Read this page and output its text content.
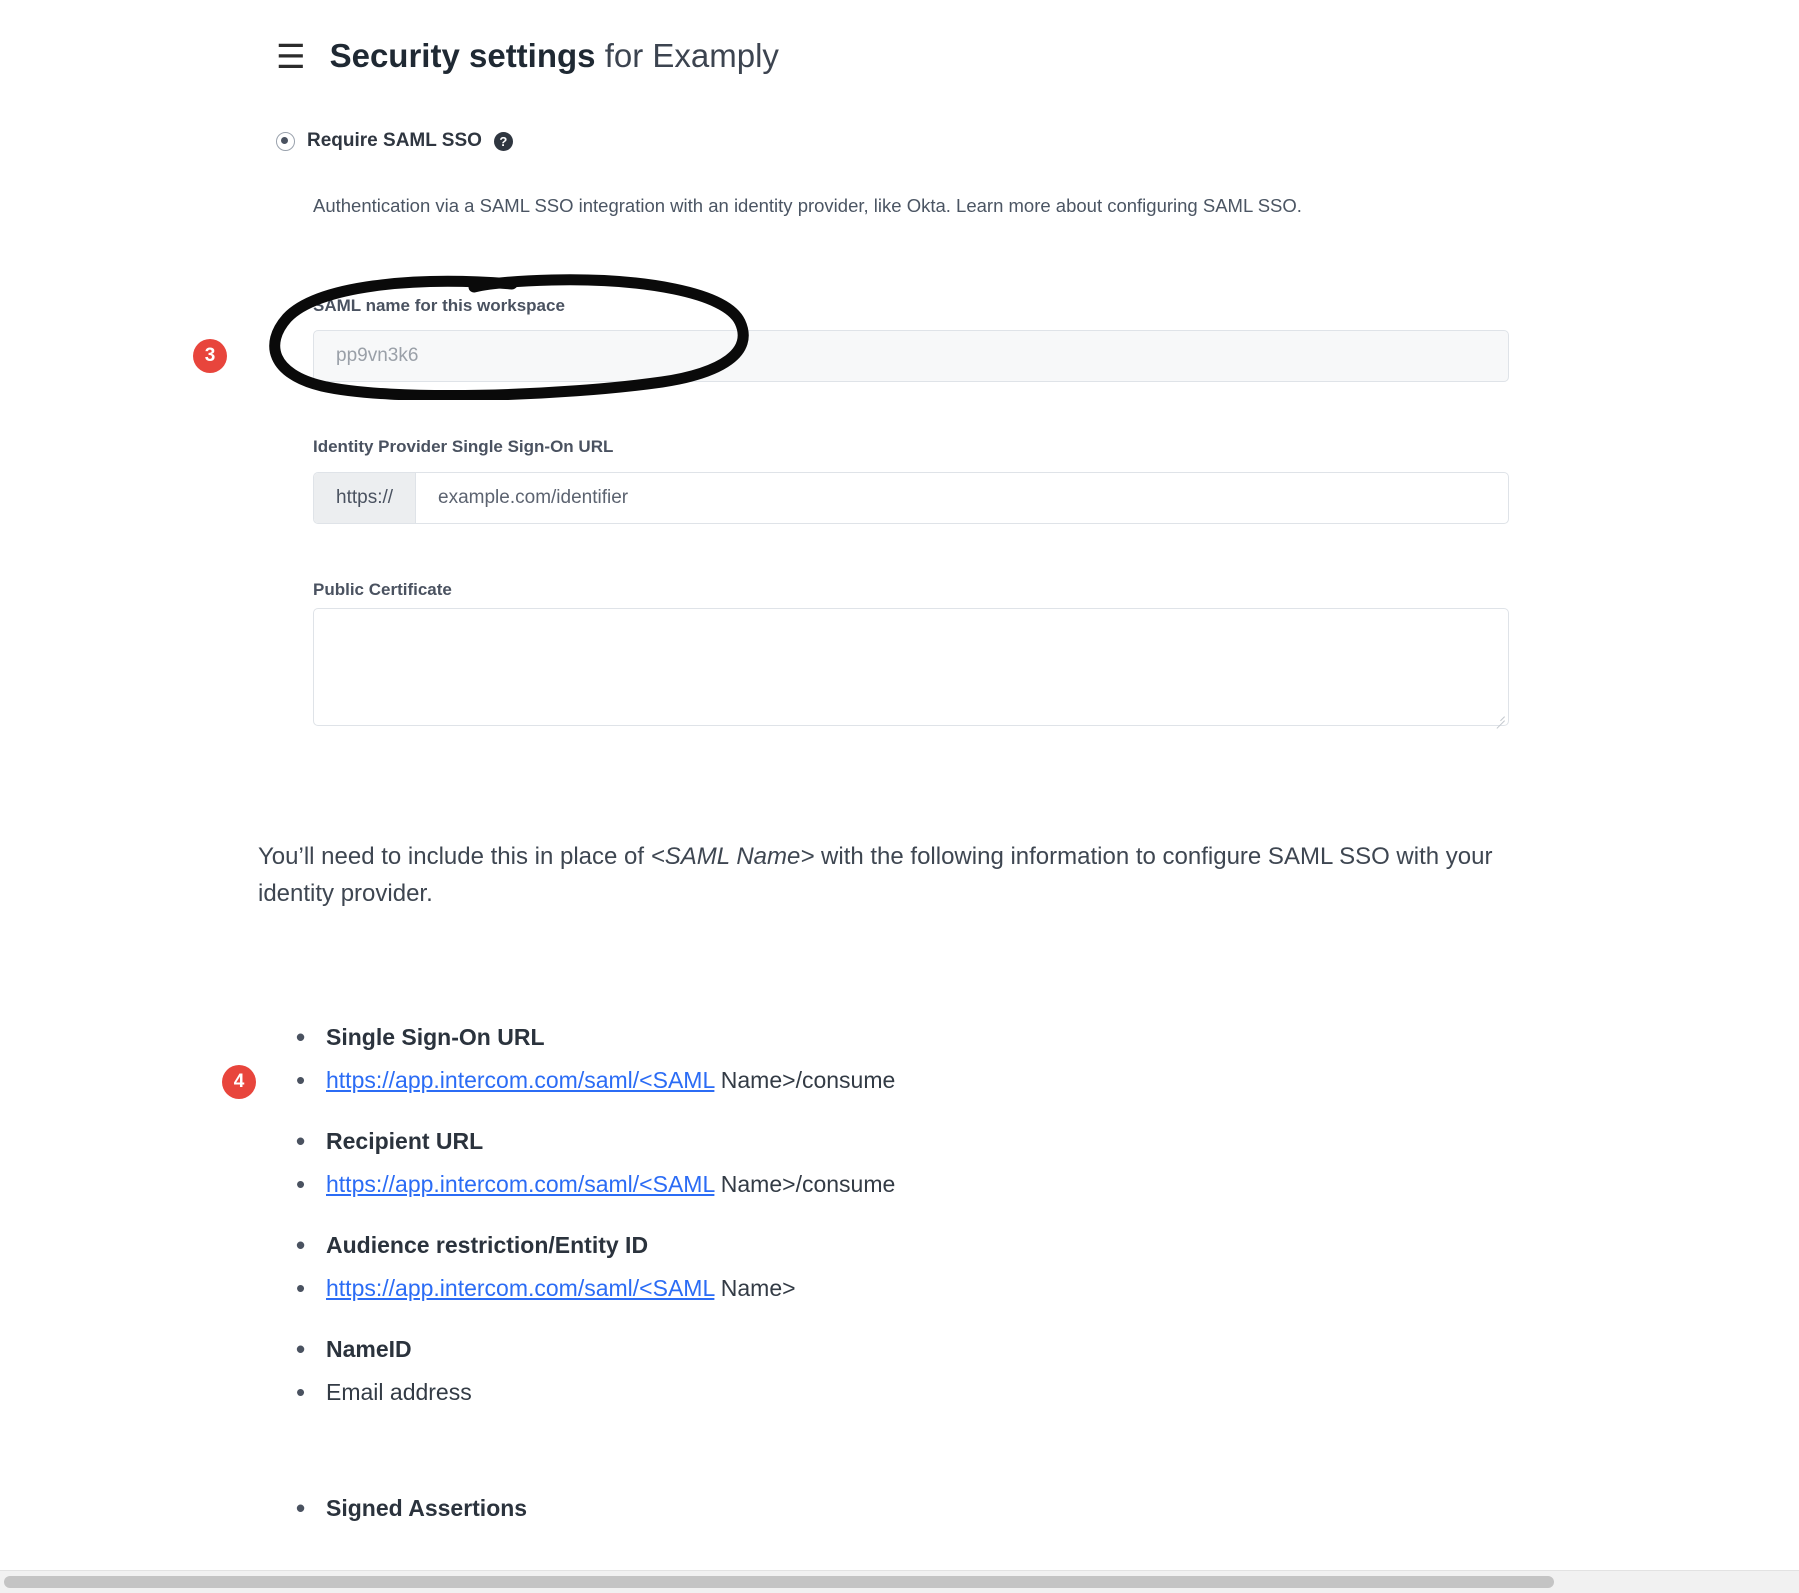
☰ Security settings for Examply
Require SAML SSO	?
Authentication via a SAML SSO integration with an identity provider, like Okta. Learn more about configuring SAML SSO.
SAML name for this workspace
pp9vn3k6
Identity Provider Single Sign-On URL
https://	example.com/identifier
Public Certificate
You’ll need to include this in place of <SAML Name> with the following information to configure SAML SSO with your identity provider.
• Single Sign-On URL
• https://app.intercom.com/saml/<SAML Name>/consume
• Recipient URL
• https://app.intercom.com/saml/<SAML Name>/consume
• Audience restriction/Entity ID
• https://app.intercom.com/saml/<SAML Name>
• NameID
• Email address
• Signed Assertions
3
4
